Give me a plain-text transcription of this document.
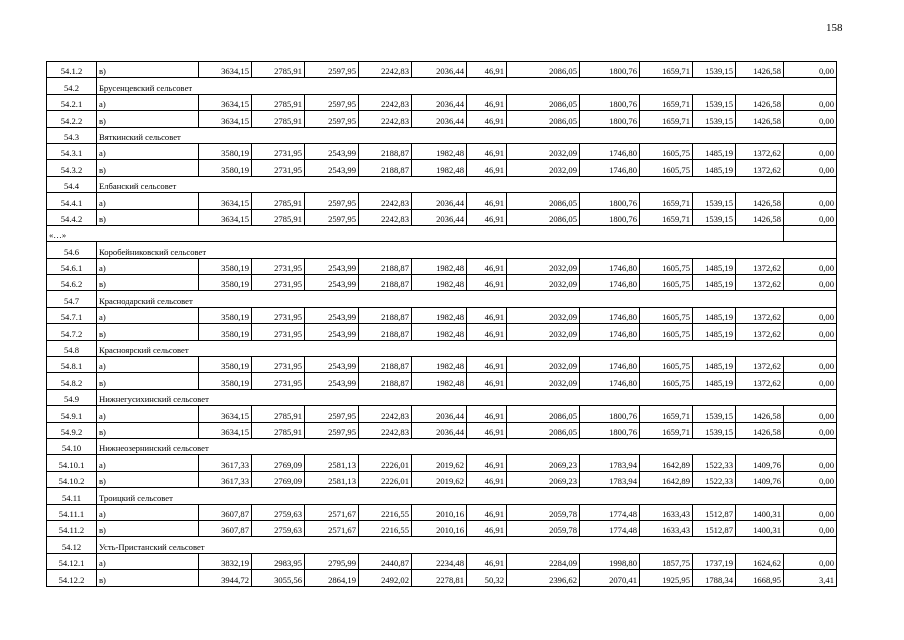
158
54.1.2	в)	3634,15	2785,91	2597,95	2242,83	2036,44	46,91	2086,05	1800,76	1659,71	1539,15	1426,58	0,00
54.2	Брусенцевский сельсовет												
54.2.1	а)	3634,15	2785,91	2597,95	2242,83	2036,44	46,91	2086,05	1800,76	1659,71	1539,15	1426,58	0,00
54.2.2	в)	3634,15	2785,91	2597,95	2242,83	2036,44	46,91	2086,05	1800,76	1659,71	1539,15	1426,58	0,00
54.3	Вяткинский сельсовет												
54.3.1	а)	3580,19	2731,95	2543,99	2188,87	1982,48	46,91	2032,09	1746,80	1605,75	1485,19	1372,62	0,00
54.3.2	в)	3580,19	2731,95	2543,99	2188,87	1982,48	46,91	2032,09	1746,80	1605,75	1485,19	1372,62	0,00
54.4	Елбанский сельсовет												
54.4.1	а)	3634,15	2785,91	2597,95	2242,83	2036,44	46,91	2086,05	1800,76	1659,71	1539,15	1426,58	0,00
54.4.2	в)	3634,15	2785,91	2597,95	2242,83	2036,44	46,91	2086,05	1800,76	1659,71	1539,15	1426,58	0,00
«…»													
54.6	Коробейниковский сельсовет												
54.6.1	а)	3580,19	2731,95	2543,99	2188,87	1982,48	46,91	2032,09	1746,80	1605,75	1485,19	1372,62	0,00
54.6.2	в)	3580,19	2731,95	2543,99	2188,87	1982,48	46,91	2032,09	1746,80	1605,75	1485,19	1372,62	0,00
54.7	Краснодарский сельсовет												
54.7.1	а)	3580,19	2731,95	2543,99	2188,87	1982,48	46,91	2032,09	1746,80	1605,75	1485,19	1372,62	0,00
54.7.2	в)	3580,19	2731,95	2543,99	2188,87	1982,48	46,91	2032,09	1746,80	1605,75	1485,19	1372,62	0,00
54.8	Красноярский сельсовет												
54.8.1	а)	3580,19	2731,95	2543,99	2188,87	1982,48	46,91	2032,09	1746,80	1605,75	1485,19	1372,62	0,00
54.8.2	в)	3580,19	2731,95	2543,99	2188,87	1982,48	46,91	2032,09	1746,80	1605,75	1485,19	1372,62	0,00
54.9	Нижнегусихинский сельсовет												
54.9.1	а)	3634,15	2785,91	2597,95	2242,83	2036,44	46,91	2086,05	1800,76	1659,71	1539,15	1426,58	0,00
54.9.2	в)	3634,15	2785,91	2597,95	2242,83	2036,44	46,91	2086,05	1800,76	1659,71	1539,15	1426,58	0,00
54.10	Нижнеозернинский сельсовет												
54.10.1	а)	3617,33	2769,09	2581,13	2226,01	2019,62	46,91	2069,23	1783,94	1642,89	1522,33	1409,76	0,00
54.10.2	в)	3617,33	2769,09	2581,13	2226,01	2019,62	46,91	2069,23	1783,94	1642,89	1522,33	1409,76	0,00
54.11	Троицкий сельсовет												
54.11.1	а)	3607,87	2759,63	2571,67	2216,55	2010,16	46,91	2059,78	1774,48	1633,43	1512,87	1400,31	0,00
54.11.2	в)	3607,87	2759,63	2571,67	2216,55	2010,16	46,91	2059,78	1774,48	1633,43	1512,87	1400,31	0,00
54.12	Усть-Пристанский сельсовет												
54.12.1	а)	3832,19	2983,95	2795,99	2440,87	2234,48	46,91	2284,09	1998,80	1857,75	1737,19	1624,62	0,00
54.12.2	в)	3944,72	3055,56	2864,19	2492,02	2278,81	50,32	2396,62	2070,41	1925,95	1788,34	1668,95	3,41
